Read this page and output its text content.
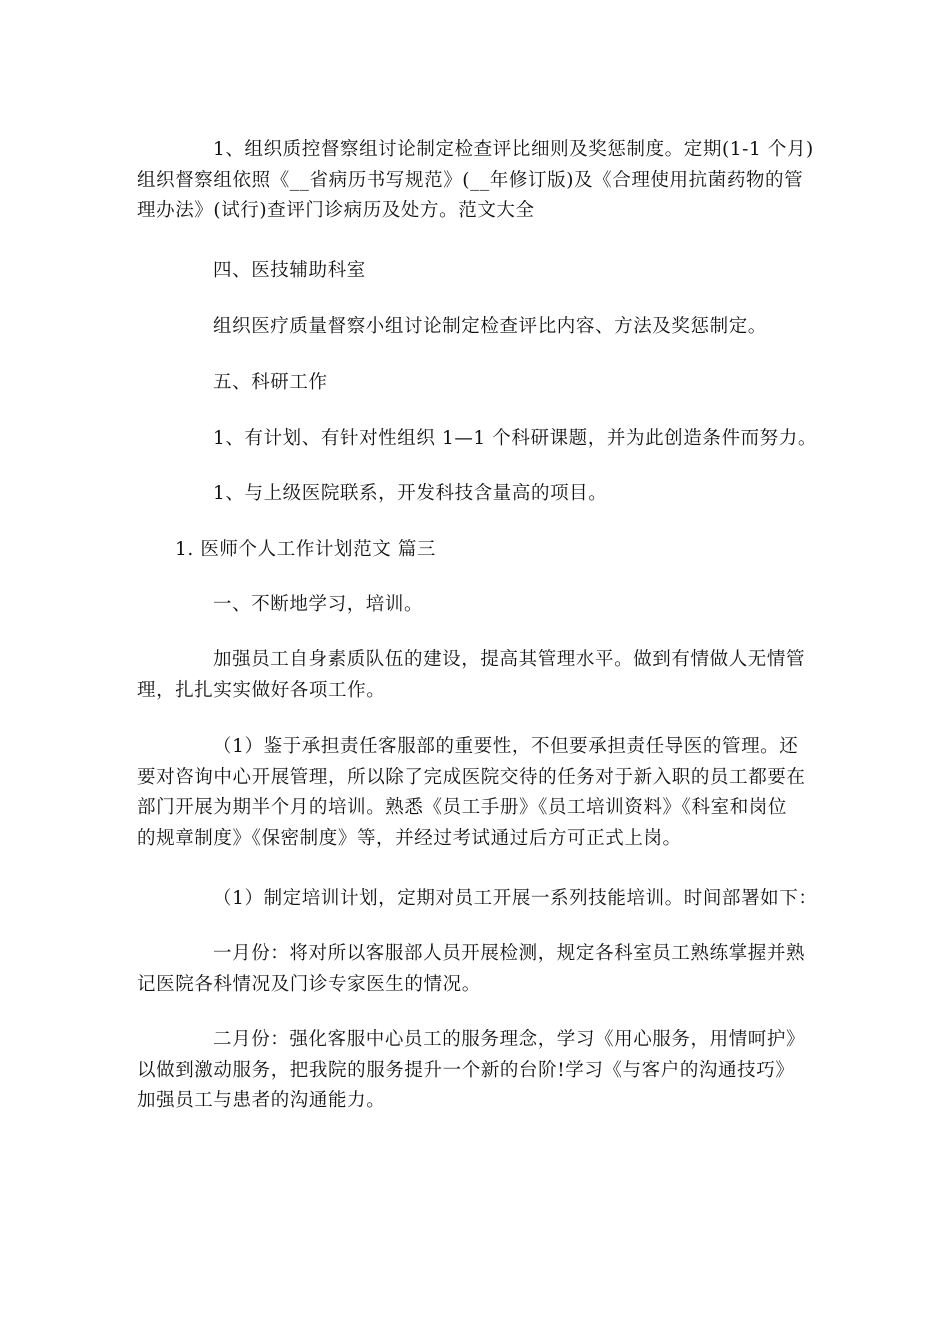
1、组织质控督察组讨论制定检查评比细则及奖惩制度。定期(1-1 个月)
组织督察组依照《__省病历书写规范》(__年修订版)及《合理使用抗菌药物的管
理办法》(试行)查评门诊病历及处方。范文大全

四、医技辅助科室

组织医疗质量督察小组讨论制定检查评比内容、方法及奖惩制定。

五、科研工作

1、有计划、有针对性组织 1—1 个科研课题，并为此创造条件而努力。

1、与上级医院联系，开发科技含量高的项目。

1. 医师个人工作计划范文 篇三

一、不断地学习，培训。

加强员工自身素质队伍的建设，提高其管理水平。做到有情做人无情管
理，扎扎实实做好各项工作。
（1）鉴于承担责任客服部的重要性，不但要承担责任导医的管理。还
要对咨询中心开展管理，所以除了完成医院交待的任务对于新入职的员工都要在
部门开展为期半个月的培训。熟悉《员工手册》《员工培训资料》《科室和岗位
的规章制度》《保密制度》等，并经过考试通过后方可正式上岗。

（1）制定培训计划，定期对员工开展一系列技能培训。时间部署如下：

一月份：将对所以客服部人员开展检测，规定各科室员工熟练掌握并熟
记医院各科情况及门诊专家医生的情况。
二月份：强化客服中心员工的服务理念，学习《用心服务，用情呵护》
以做到激动服务，把我院的服务提升一个新的台阶!学习《与客户的沟通技巧》
加强员工与患者的沟通能力。
